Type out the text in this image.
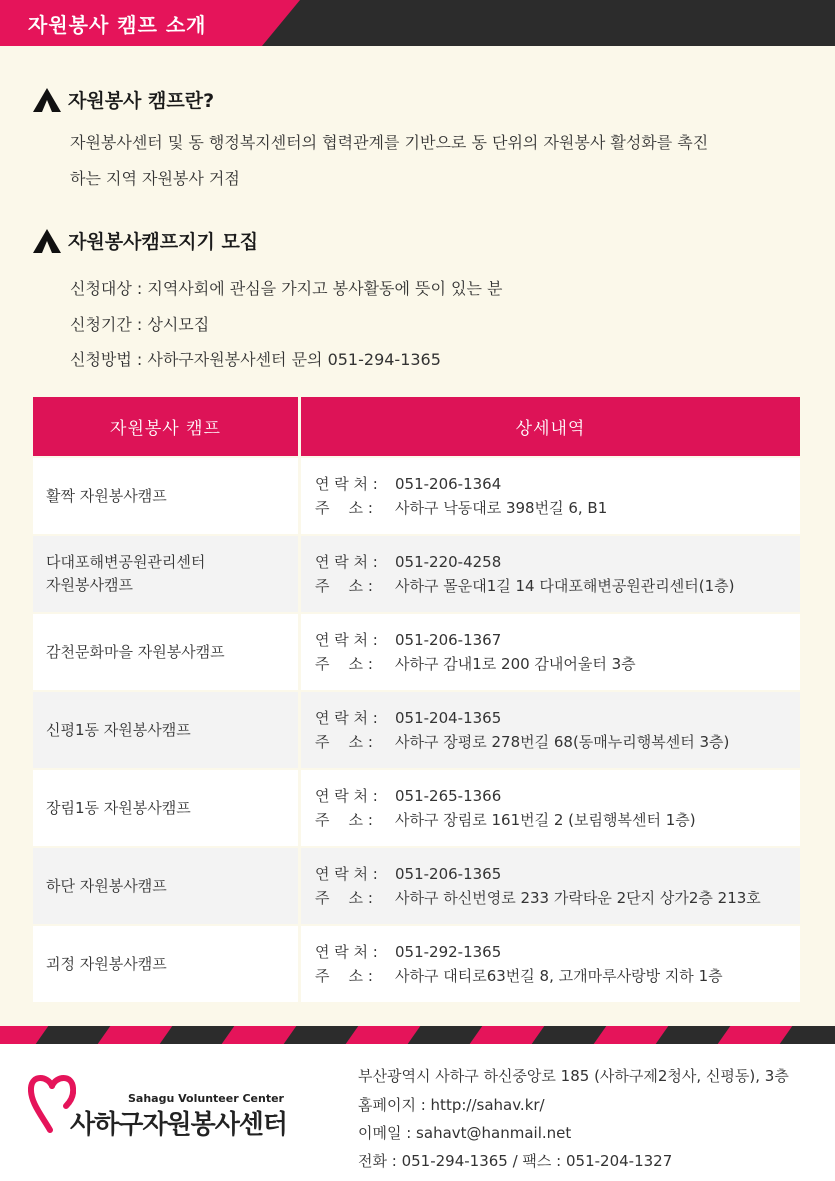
자원봉사 캠프 소개
자원봉사 캠프란?
자원봉사센터 및 동 행정복지센터의 협력관계를 기반으로 동 단위의 자원봉사 활성화를 촉진
하는 지역 자원봉사 거점
자원봉사캠프지기 모집
신청대상 : 지역사회에 관심을 가지고 봉사활동에 뜻이 있는 분
신청기간 : 상시모집
신청방법 : 사하구자원봉사센터 문의 051-294-1365
자원봉사 캠프	상세내역
활짝 자원봉사캠프
연 락 처 :	051-206-1364
주    소 :	사하구 낙동대로 398번길 6, B1
다대포해변공원관리센터
자원봉사캠프
연 락 처 :	051-220-4258
주    소 :	사하구 몰운대1길 14 다대포해변공원관리센터(1층)
감천문화마을 자원봉사캠프
연 락 처 :	051-206-1367
주    소 :	사하구 감내1로 200 감내어울터 3층
신평1동 자원봉사캠프
연 락 처 :	051-204-1365
주    소 :	사하구 장평로 278번길 68(동매누리행복센터 3층)
장림1동 자원봉사캠프
연 락 처 :	051-265-1366
주    소 :	사하구 장림로 161번길 2 (보림행복센터 1층)
하단 자원봉사캠프
연 락 처 :	051-206-1365
주    소 :	사하구 하신번영로 233 가락타운 2단지 상가2층 213호
괴정 자원봉사캠프
연 락 처 :	051-292-1365
주    소 :	사하구 대티로63번길 8, 고개마루사랑방 지하 1층
Sahagu Volunteer Center
사하구자원봉사센터
부산광역시 사하구 하신중앙로 185 (사하구제2청사, 신평동), 3층
홈페이지 : http://sahav.kr/
이메일 : sahavt@hanmail.net
전화 : 051-294-1365 / 팩스 : 051-204-1327
